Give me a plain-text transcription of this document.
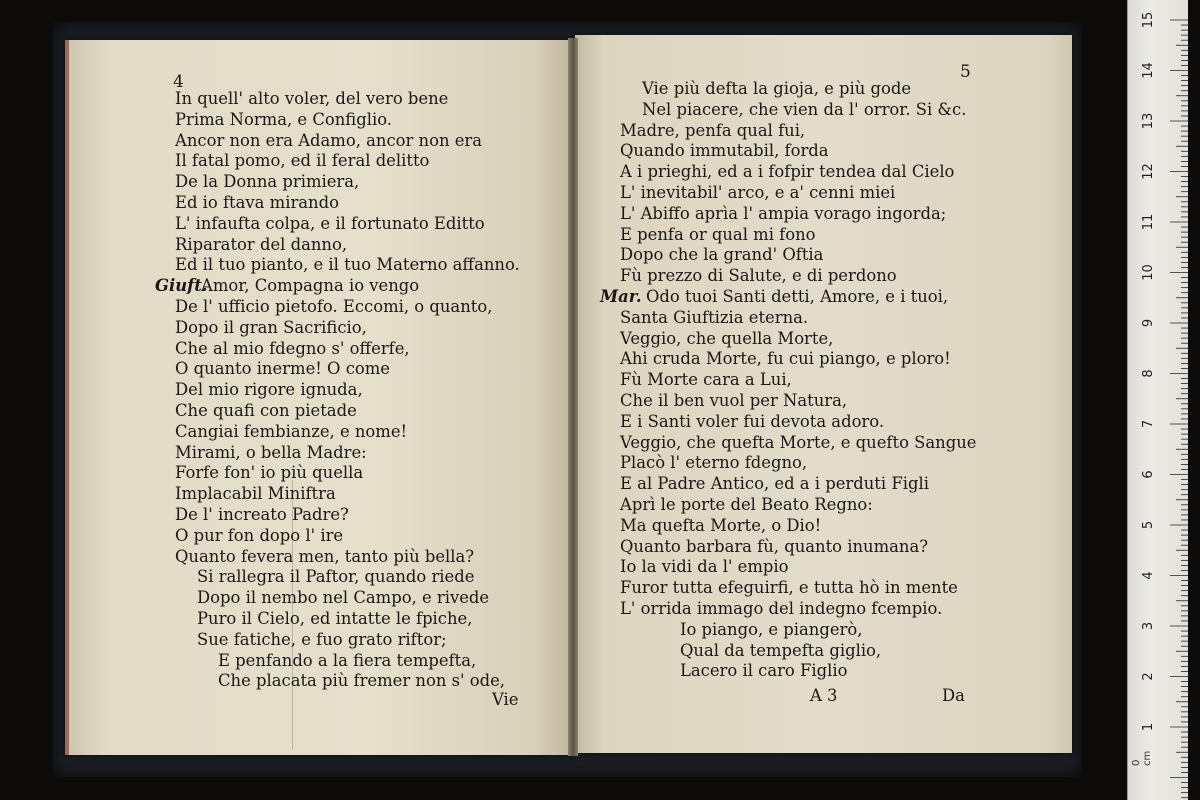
4
In quell' alto voler, del vero bene
Prima Norma, e Configlio.
Ancor non era Adamo, ancor non era
Il fatal pomo, ed il feral delitto
De la Donna primiera,
Ed io ftava mirando
L' infaufta colpa, e il fortunato Editto
Riparator del danno,
Ed il tuo pianto, e il tuo Materno affanno.
Giuft.Amor, Compagna io vengo
De l' ufficio pietofo. Eccomi, o quanto,
Dopo il gran Sacrificio,
Che al mio fdegno s' offerfe,
O quanto inerme! O come
Del mio rigore ignuda,
Che quafi con pietade
Cangiai fembianze, e nome!
Mirami, o bella Madre:
Forfe fon' io più quella
Implacabil Miniftra
De l' increato Padre?
O pur fon dopo l' ire
Quanto fevera men, tanto più bella?
Si rallegra il Paftor, quando riede
Dopo il nembo nel Campo, e rivede
Puro il Cielo, ed intatte le fpiche,
Sue fatiche, e fuo grato riftor;
E penfando a la fiera tempefta,
Che placata più fremer non s' ode,
Vie
5
Vie più defta la gioja, e più gode
Nel piacere, che vien da l' orror. Si &c.
Madre, penfa qual fui,
Quando immutabil, forda
A i prieghi, ed a i fofpir tendea dal Cielo
L' inevitabil' arco, e a' cenni miei
L' Abiffo aprìa l' ampia vorago ingorda;
E penfa or qual mi fono
Dopo che la grand' Oftia
Fù prezzo di Salute, e di perdono
Mar. Odo tuoi Santi detti, Amore, e i tuoi,
Santa Giuftizia eterna.
Veggio, che quella Morte,
Ahi cruda Morte, fu cui piango, e ploro!
Fù Morte cara a Lui,
Che il ben vuol per Natura,
E i Santi voler fui devota adoro.
Veggio, che quefta Morte, e quefto Sangue
Placò l' eterno fdegno,
E al Padre Antico, ed a i perduti Figli
Aprì le porte del Beato Regno:
Ma quefta Morte, o Dio!
Quanto barbara fù, quanto inumana?
Io la vidi da l' empio
Furor tutta efeguirfi, e tutta hò in mente
L' orrida immago del indegno fcempio.
Io piango, e piangerò,
Qual da tempefta giglio,
Lacero il caro Figlio
A 3	Da
15
14
13
12
11
10
9
8
7
6
5
4
3
2
1
0 cm
